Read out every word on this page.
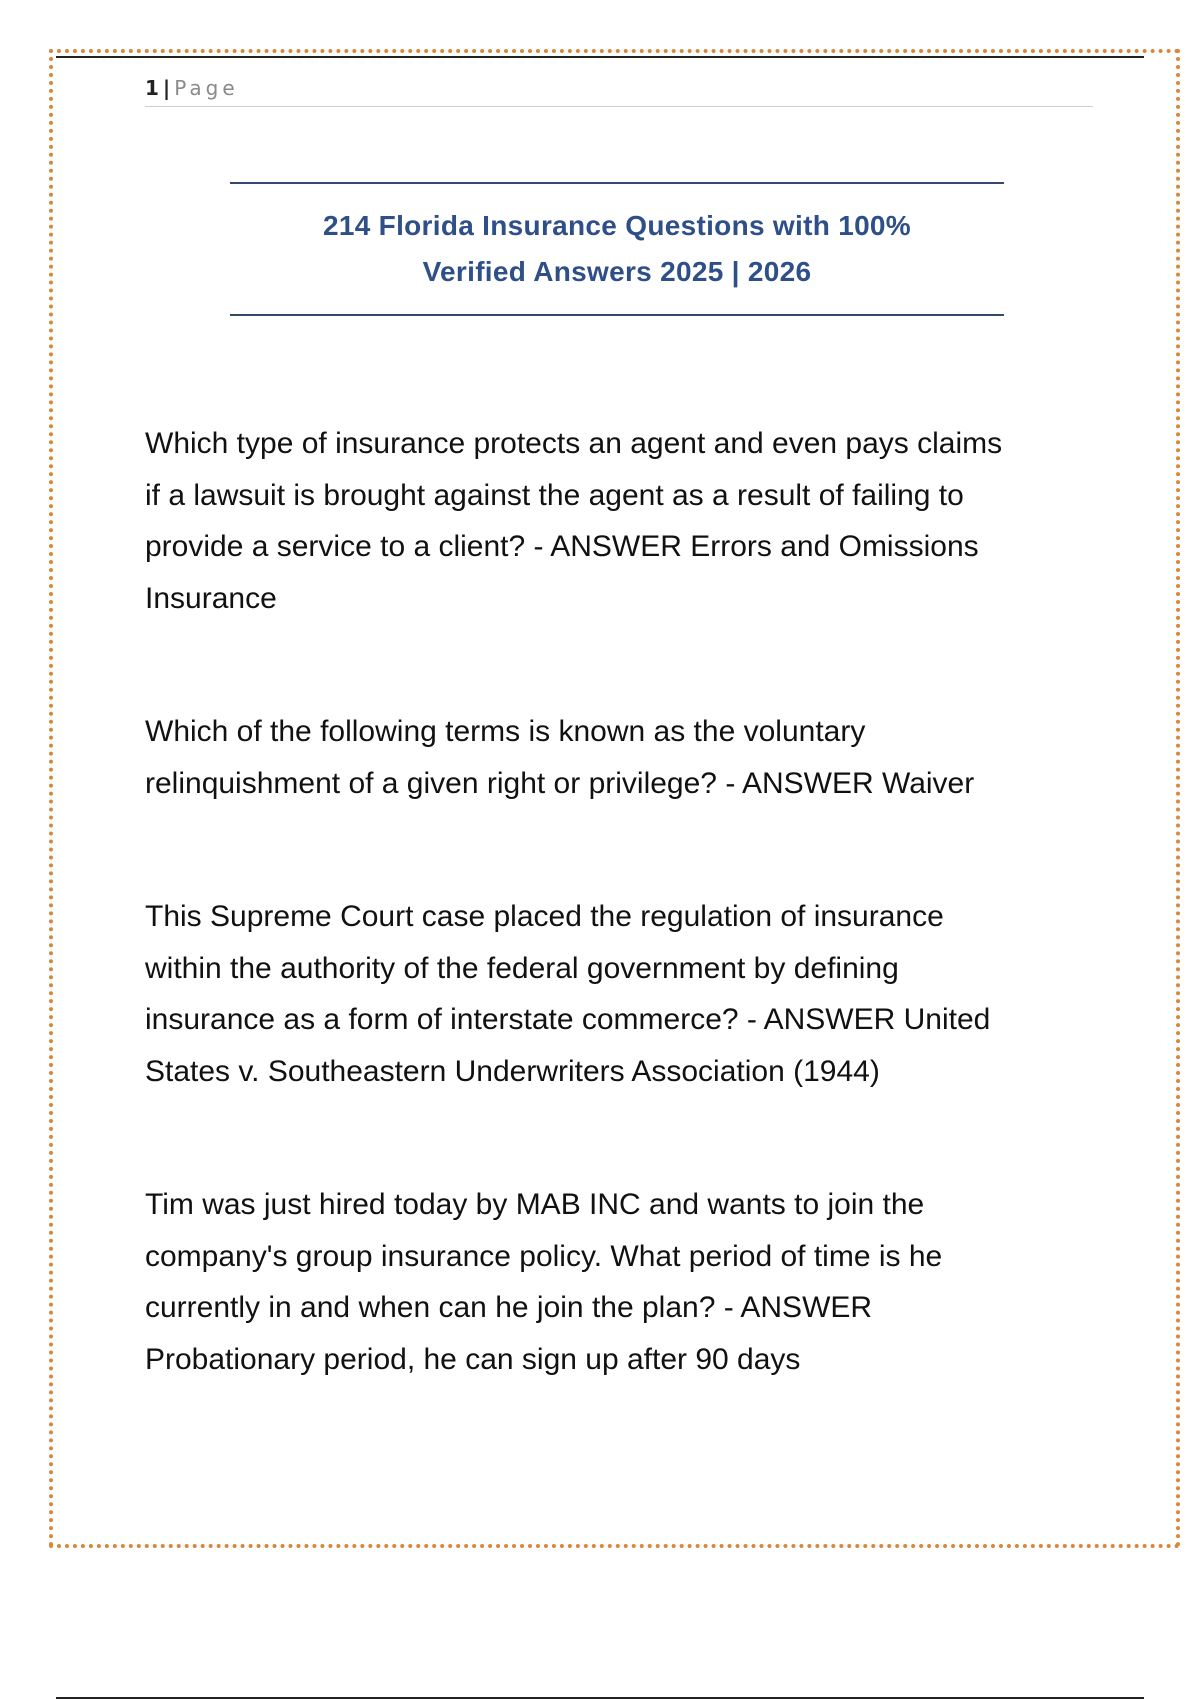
1 | Page
214 Florida Insurance Questions with 100%
Verified Answers 2025 | 2026

Which type of insurance protects an agent and even pays claims
if a lawsuit is brought against the agent as a result of failing to
provide a service to a client? - ANSWER Errors and Omissions
Insurance

Which of the following terms is known as the voluntary
relinquishment of a given right or privilege? - ANSWER Waiver

This Supreme Court case placed the regulation of insurance
within the authority of the federal government by defining
insurance as a form of interstate commerce? - ANSWER United
States v. Southeastern Underwriters Association (1944)

Tim was just hired today by MAB INC and wants to join the
company's group insurance policy. What period of time is he
currently in and when can he join the plan? - ANSWER
Probationary period, he can sign up after 90 days
